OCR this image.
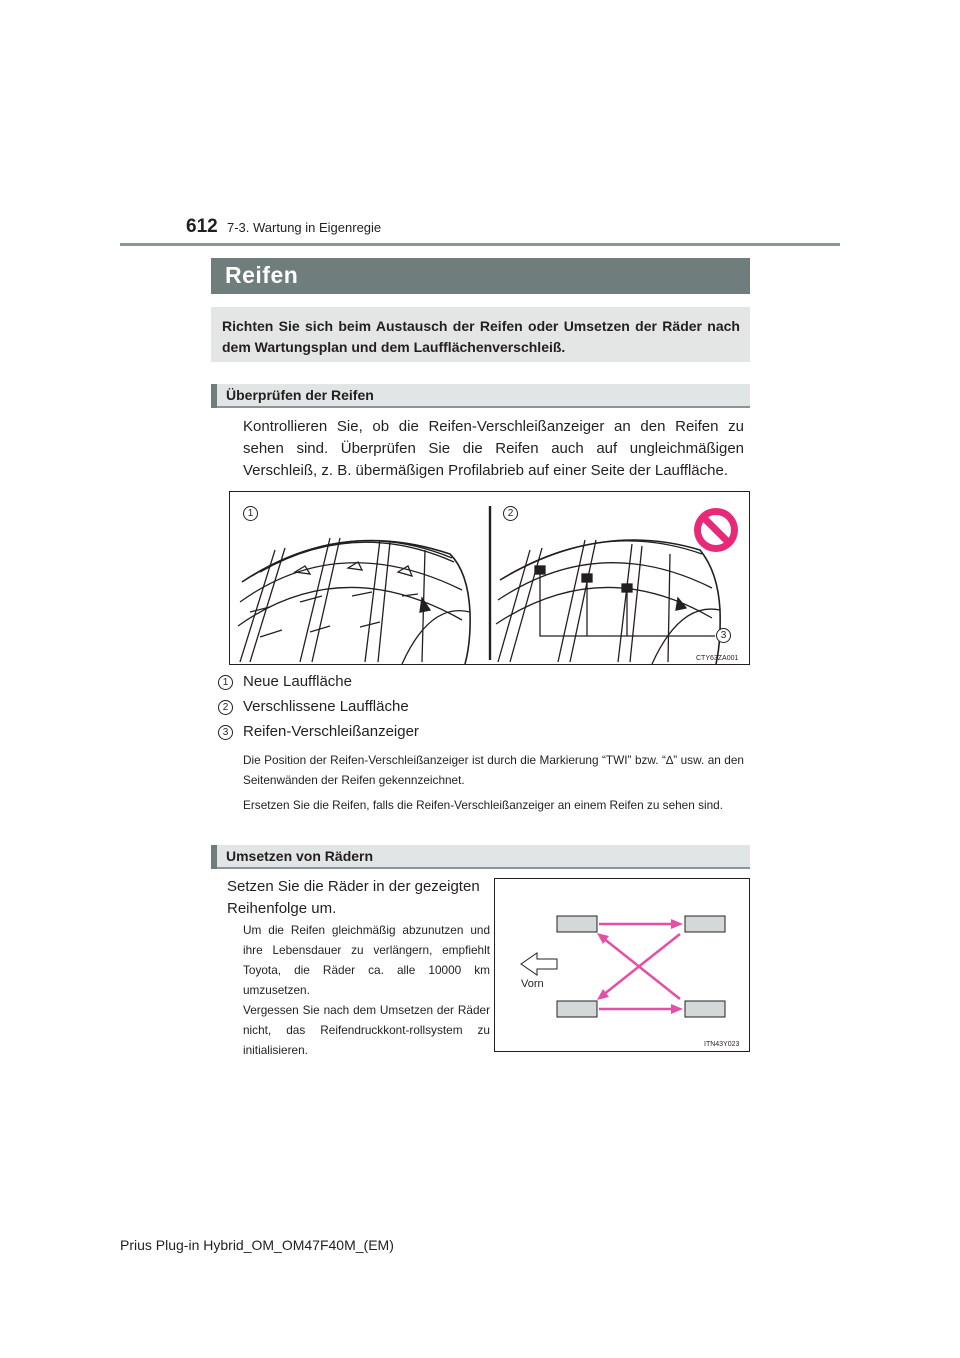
612 7-3. Wartung in Eigenregie
Reifen
Richten Sie sich beim Austausch der Reifen oder Umsetzen der Räder nach dem Wartungsplan und dem Laufflächenverschleiß.
Überprüfen der Reifen
Kontrollieren Sie, ob die Reifen-Verschleißanzeiger an den Reifen zu sehen sind. Überprüfen Sie die Reifen auch auf ungleichmäßigen Verschleiß, z. B. übermäßigen Profilabrieb auf einer Seite der Lauffläche.
1	2
3
CTY63ZA001
1 Neue Lauffläche
2 Verschlissene Lauffläche
3 Reifen-Verschleißanzeiger
Die Position der Reifen-Verschleißanzeiger ist durch die Markierung “TWI” bzw. “∆” usw. an den Seitenwänden der Reifen gekennzeichnet.
Ersetzen Sie die Reifen, falls die Reifen-Verschleißanzeiger an einem Reifen zu sehen sind.
Umsetzen von Rädern
Setzen Sie die Räder in der gezeigten Reihenfolge um.
Um die Reifen gleichmäßig abzunutzen und ihre Lebensdauer zu verlängern, empfiehlt Toyota, die Räder ca. alle 10000 km umzusetzen.
Vergessen Sie nach dem Umsetzen der Räder nicht, das Reifendruckkont-rollsystem zu initialisieren.
Vorn
ITN43Y023
Prius Plug-in Hybrid_OM_OM47F40M_(EM)
